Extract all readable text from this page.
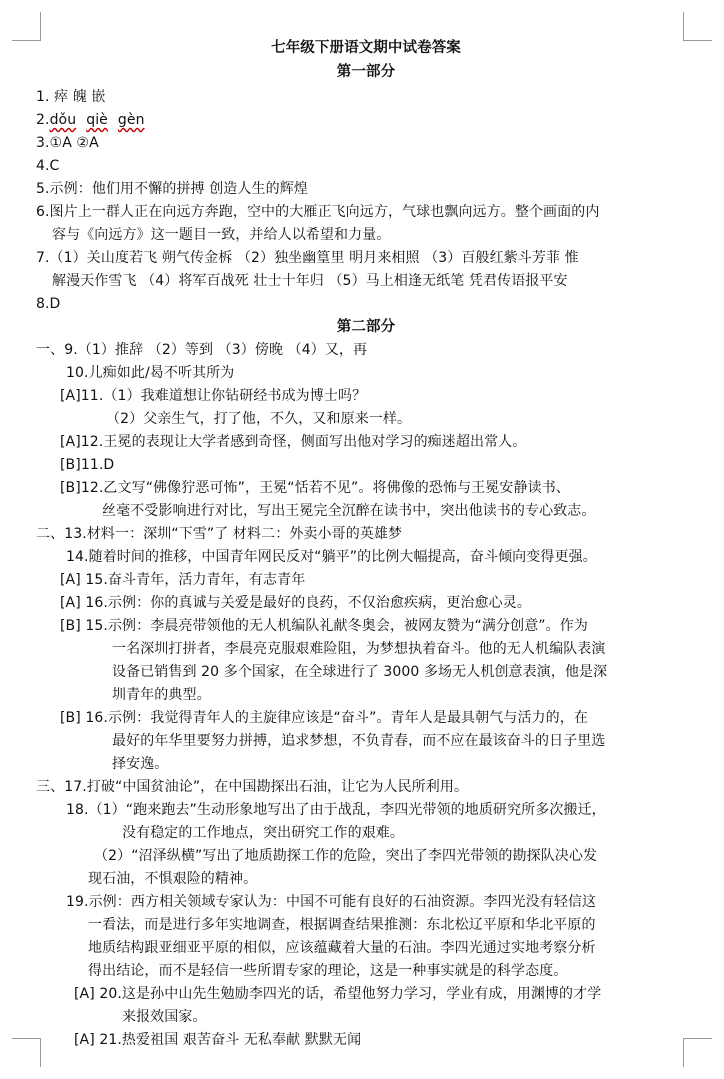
七年级下册语文期中试卷答案
第一部分
1. 瘁 魄 嵌
2.dǒu qiè gèn
3.①A ②A
4.C
5.示例：他们用不懈的拼搏 创造人生的辉煌
6.图片上一群人正在向远方奔跑，空中的大雁正飞向远方，气球也飘向远方。整个画面的内
容与《向远方》这一题目一致，并给人以希望和力量。
7.（1）关山度若飞 朔气传金柝 （2）独坐幽篁里 明月来相照 （3）百般红紫斗芳菲 惟
解漫天作雪飞 （4）将军百战死 壮士十年归 （5）马上相逢无纸笔 凭君传语报平安
8.D
第二部分
一、9.（1）推辞 （2）等到 （3）傍晚 （4）又，再
10.儿痴如此/曷不听其所为
[A]11.（1）我难道想让你钻研经书成为博士吗？
（2）父亲生气，打了他，不久，又和原来一样。
[A]12.王冕的表现让大学者感到奇怪，侧面写出他对学习的痴迷超出常人。
[B]11.D
[B]12.乙文写“佛像狞恶可怖”，王冕“恬若不见”。将佛像的恐怖与王冕安静读书、
丝毫不受影响进行对比，写出王冕完全沉醉在读书中，突出他读书的专心致志。
二、13.材料一：深圳“下雪”了 材料二：外卖小哥的英雄梦
14.随着时间的推移，中国青年网民反对“躺平”的比例大幅提高，奋斗倾向变得更强。
[A] 15.奋斗青年，活力青年，有志青年
[A] 16.示例：你的真诚与关爱是最好的良药，不仅治愈疾病，更治愈心灵。
[B] 15.示例：李晨亮带领他的无人机编队礼献冬奥会，被网友赞为“满分创意”。作为
一名深圳打拼者，李晨亮克服艰难险阻，为梦想执着奋斗。他的无人机编队表演
设备已销售到 20 多个国家，在全球进行了 3000 多场无人机创意表演，他是深
圳青年的典型。
[B] 16.示例：我觉得青年人的主旋律应该是“奋斗”。青年人是最具朝气与活力的，在
最好的年华里要努力拼搏，追求梦想，不负青春，而不应在最该奋斗的日子里选
择安逸。
三、17.打破“中国贫油论”，在中国勘探出石油，让它为人民所利用。
18.（1）“跑来跑去”生动形象地写出了由于战乱，李四光带领的地质研究所多次搬迁，
没有稳定的工作地点，突出研究工作的艰难。
（2）“沼泽纵横”写出了地质勘探工作的危险，突出了李四光带领的勘探队决心发
现石油，不惧艰险的精神。
19.示例：西方相关领域专家认为：中国不可能有良好的石油资源。李四光没有轻信这
一看法，而是进行多年实地调查，根据调查结果推测：东北松辽平原和华北平原的
地质结构跟亚细亚平原的相似，应该蕴藏着大量的石油。李四光通过实地考察分析
得出结论，而不是轻信一些所谓专家的理论，这是一种事实就是的科学态度。
[A] 20.这是孙中山先生勉励李四光的话，希望他努力学习，学业有成，用渊博的才学
来报效国家。
[A] 21.热爱祖国 艰苦奋斗 无私奉献 默默无闻
